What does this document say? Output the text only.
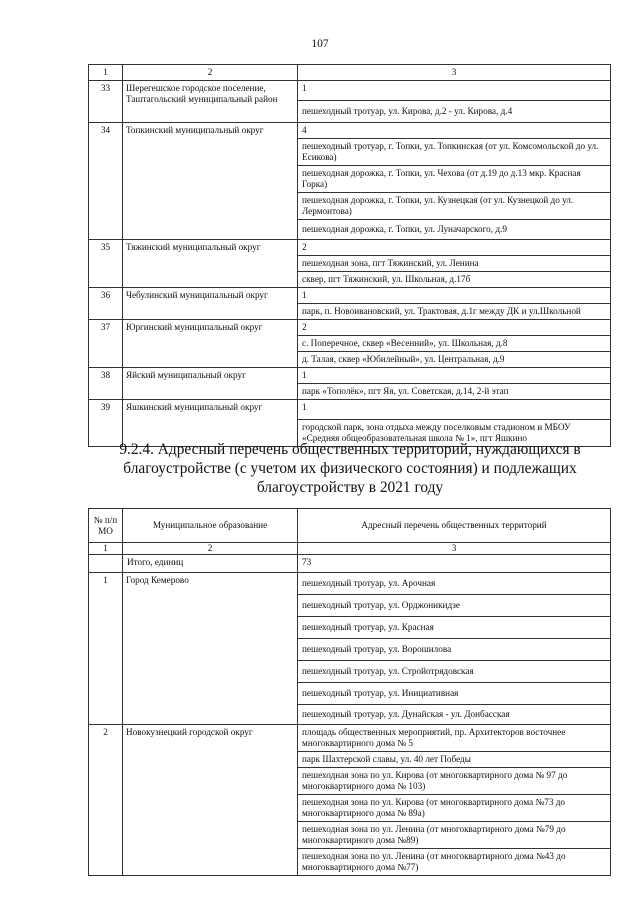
107
1	2	3
33	Шерегешское городское поселение, Таштагольский муниципальный район	1
		пешеходный тротуар, ул. Кирова, д.2 - ул. Кирова, д.4
34	Топкинский муниципальный округ	4
		пешеходный тротуар, г. Топки, ул. Топкинская (от ул. Комсомольской до ул. Есикова)
		пешеходная дорожка, г. Топки, ул. Чехова (от д.19 до д.13 мкр. Красная Горка)
		пешеходная дорожка, г. Топки, ул. Кузнецкая (от ул. Кузнецкой до ул. Лермонтова)
		пешеходная дорожка, г. Топки, ул. Луначарского, д.9
35	Тяжинский муниципальный округ	2
		пешеходная зона, пгт Тяжинский, ул. Ленина
		сквер, пгт Тяжинский, ул. Школьная, д.17б
36	Чебулинский муниципальный округ	1
		парк, п. Новоивановский, ул. Трактовая, д.1г между ДК и ул.Школьной
37	Юргинский муниципальный округ	2
		с. Поперечное, сквер «Весенний», ул. Школьная, д.8
		д. Талая, сквер «Юбилейный», ул. Центральная, д.9
38	Яйский муниципальный округ	1
		парк «Тополёк», пгт Яя, ул. Советская, д.14, 2-й этап
39	Яшкинский муниципальный округ	1
		городской парк, зона отдыха между поселковым стадионом и МБОУ «Средняя общеобразовательная школа № 1», пгт Яшкино
9.2.4. Адресный перечень общественных территорий, нуждающихся в благоустройстве (с учетом их физического состояния) и подлежащих благоустройству в 2021 году
№ п/п МО	Муниципальное образование	Адресный перечень общественных территорий
1	2	3
	Итого, единиц	73
1	Город Кемерово	пешеходный тротуар, ул. Арочная
		пешеходный тротуар, ул. Орджоникидзе
		пешеходный тротуар, ул. Красная
		пешеходный тротуар, ул. Ворошилова
		пешеходный тротуар, ул. Стройотрядовская
		пешеходный тротуар, ул. Инициативная
		пешеходный тротуар, ул. Дунайская - ул. Донбасская
2	Новокузнецкий городской округ	площадь общественных мероприятий, пр. Архитекторов восточнее многоквартирного дома № 5
		парк Шахтерской славы, ул. 40 лет Победы
		пешеходная зона по ул. Кирова (от многоквартирного дома № 97 до многоквартирного дома № 103)
		пешеходная зона по ул. Кирова (от многоквартирного дома №73 до многоквартирного дома № 89а)
		пешеходная зона по ул. Ленина (от многоквартирного дома №79 до многоквартирного дома №89)
		пешеходная зона по ул. Ленина (от многоквартирного дома №43 до многоквартирного дома №77)
